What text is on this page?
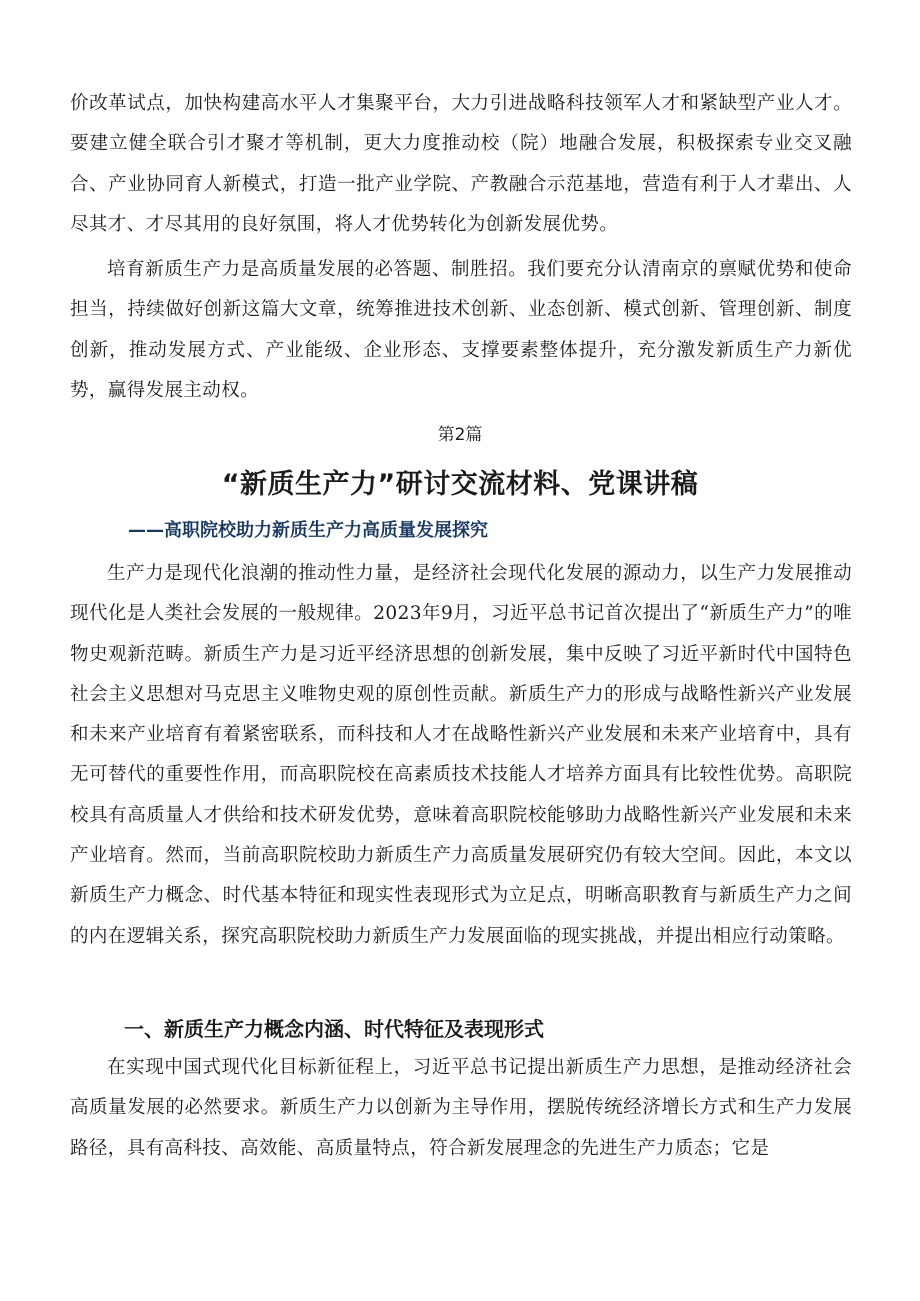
价改革试点，加快构建高水平人才集聚平台，大力引进战略科技领军人才和紧缺型产业人才。要建立健全联合引才聚才等机制，更大力度推动校（院）地融合发展，积极探索专业交叉融合、产业协同育人新模式，打造一批产业学院、产教融合示范基地，营造有利于人才辈出、人尽其才、才尽其用的良好氛围，将人才优势转化为创新发展优势。

培育新质生产力是高质量发展的必答题、制胜招。我们要充分认清南京的禀赋优势和使命担当，持续做好创新这篇大文章，统筹推进技术创新、业态创新、模式创新、管理创新、制度创新，推动发展方式、产业能级、企业形态、支撑要素整体提升，充分激发新质生产力新优势，赢得发展主动权。

第2篇

“新质生产力”研讨交流材料、党课讲稿

——高职院校助力新质生产力高质量发展探究

生产力是现代化浪潮的推动性力量，是经济社会现代化发展的源动力，以生产力发展推动现代化是人类社会发展的一般规律。2023年9月，习近平总书记首次提出了“新质生产力”的唯物史观新范畴。新质生产力是习近平经济思想的创新发展，集中反映了习近平新时代中国特色社会主义思想对马克思主义唯物史观的原创性贡献。新质生产力的形成与战略性新兴产业发展和未来产业培育有着紧密联系，而科技和人才在战略性新兴产业发展和未来产业培育中，具有无可替代的重要性作用，而高职院校在高素质技术技能人才培养方面具有比较性优势。高职院校具有高质量人才供给和技术研发优势，意味着高职院校能够助力战略性新兴产业发展和未来产业培育。然而，当前高职院校助力新质生产力高质量发展研究仍有较大空间。因此，本文以新质生产力概念、时代基本特征和现实性表现形式为立足点，明晰高职教育与新质生产力之间的内在逻辑关系，探究高职院校助力新质生产力发展面临的现实挑战，并提出相应行动策略。

一、新质生产力概念内涵、时代特征及表现形式

在实现中国式现代化目标新征程上，习近平总书记提出新质生产力思想，是推动经济社会高质量发展的必然要求。新质生产力以创新为主导作用，摆脱传统经济增长方式和生产力发展路径，具有高科技、高效能、高质量特点，符合新发展理念的先进生产力质态；它是
